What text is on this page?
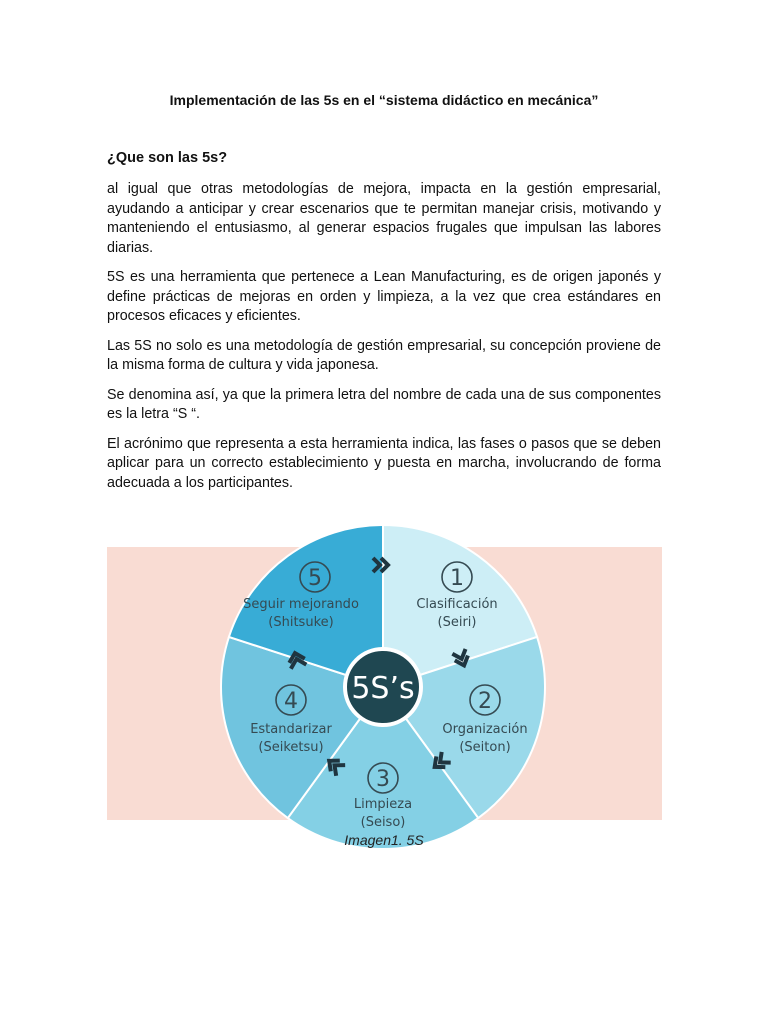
Implementación de las 5s en el “sistema didáctico en mecánica”
¿Que son las 5s?

al igual que otras metodologías de mejora, impacta en la gestión empresarial, ayudando a anticipar y crear escenarios que te permitan manejar crisis, motivando y manteniendo el entusiasmo, al generar espacios frugales que impulsan las labores diarias.

5S es una herramienta que pertenece a Lean Manufacturing, es de origen japonés y define prácticas de mejoras en orden y limpieza, a la vez que crea estándares en procesos eficaces y eficientes.

Las 5S no solo es una metodología de gestión empresarial, su concepción proviene de la misma forma de cultura y vida japonesa.

Se denomina así, ya que la primera letra del nombre de cada una de sus componentes es la letra “S “.

El acrónimo que representa a esta herramienta indica, las fases o pasos que se deben aplicar para un correcto establecimiento y puesta en marcha, involucrando de forma adecuada a los participantes.

5S’s
1
Clasificación
(Seiri)
2
Organización
(Seiton)
3
Limpieza
(Seiso)
4
Estandarizar
(Seiketsu)
5
Seguir mejorando
(Shitsuke)
Imagen1. 5S
